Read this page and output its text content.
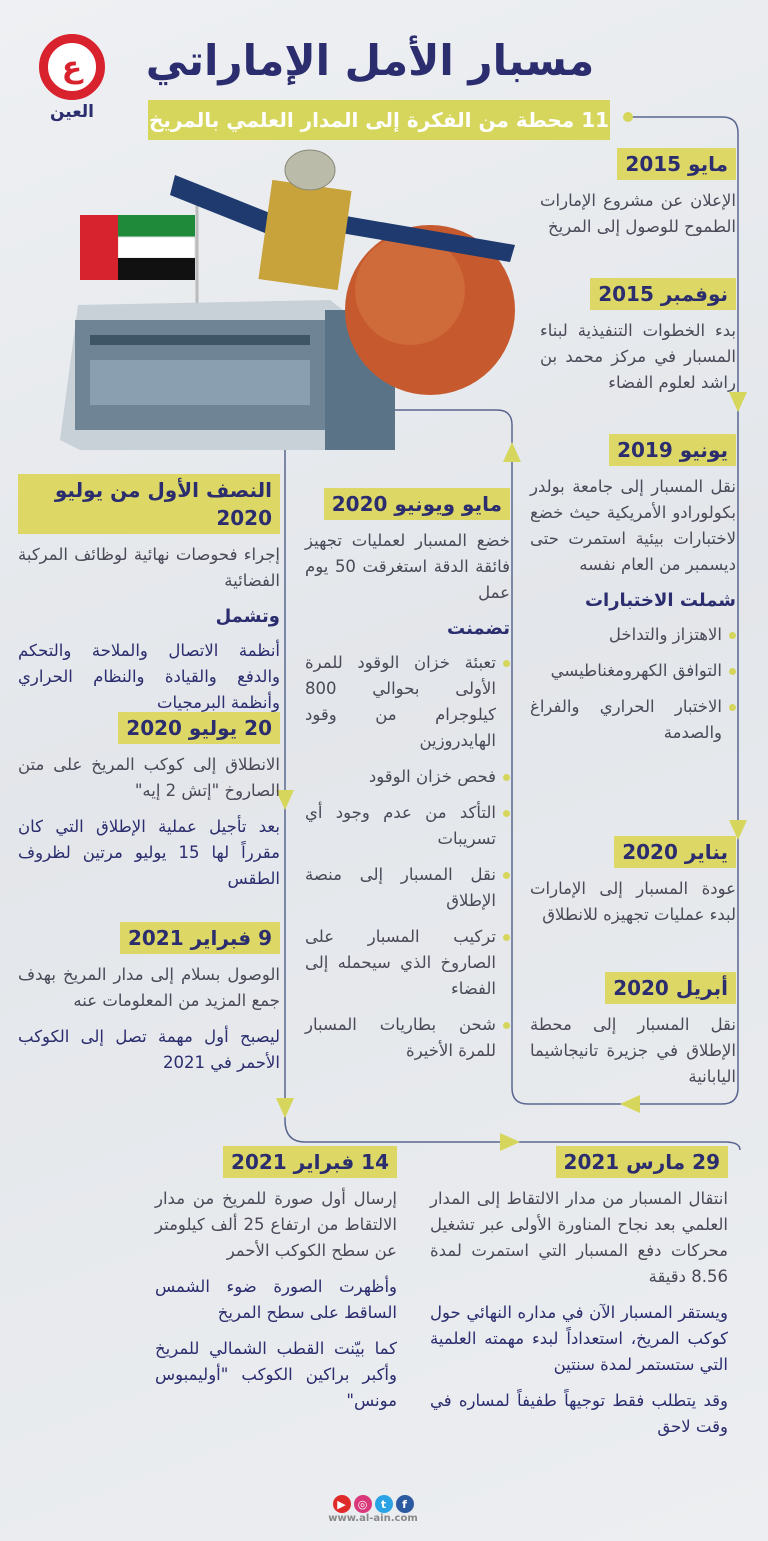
ع
العين
مسبار الأمل الإماراتي
11 محطة من الفكرة إلى المدار العلمي بالمريخ
مايو 2015
الإعلان عن مشروع الإمارات الطموح للوصول إلى المريخ
نوفمبر 2015
بدء الخطوات التنفيذية لبناء المسبار في مركز محمد بن راشد لعلوم الفضاء
يونيو 2019
نقل المسبار إلى جامعة بولدر بكولورادو الأمريكية حيث خضع لاختبارات بيئية استمرت حتى ديسمبر من العام نفسه
شملت الاختبارات
الاهتزاز والتداخل
التوافق الكهرومغناطيسي
الاختبار الحراري والفراغ والصدمة
يناير 2020
عودة المسبار إلى الإمارات لبدء عمليات تجهيزه للانطلاق
أبريل 2020
نقل المسبار إلى محطة الإطلاق في جزيرة تانيجاشيما اليابانية
مايو ويونيو 2020
خضع المسبار لعمليات تجهيز فائقة الدقة استغرقت 50 يوم عمل
تضمنت
تعبئة خزان الوقود للمرة الأولى بحوالي 800 كيلوجرام من وقود الهايدروزين
فحص خزان الوقود
التأكد من عدم وجود أي تسريبات
نقل المسبار إلى منصة الإطلاق
تركيب المسبار على الصاروخ الذي سيحمله إلى الفضاء
شحن بطاريات المسبار للمرة الأخيرة
النصف الأول من يوليو 2020
إجراء فحوصات نهائية لوظائف المركبة الفضائية
وتشمل
أنظمة الاتصال والملاحة والتحكم والدفع والقيادة والنظام الحراري وأنظمة البرمجيات
20 يوليو 2020
الانطلاق إلى كوكب المريخ على متن الصاروخ "إتش 2 إيه"
بعد تأجيل عملية الإطلاق التي كان مقرراً لها 15 يوليو مرتين لظروف الطقس
9 فبراير 2021
الوصول بسلام إلى مدار المريخ بهدف جمع المزيد من المعلومات عنه
ليصبح أول مهمة تصل إلى الكوكب الأحمر في 2021
14 فبراير 2021
إرسال أول صورة للمريخ من مدار الالتقاط من ارتفاع 25 ألف كيلومتر عن سطح الكوكب الأحمر
وأظهرت الصورة ضوء الشمس الساقط على سطح المريخ
كما بيّنت القطب الشمالي للمريخ وأكبر براكين الكوكب "أوليمبوس مونس"
29 مارس 2021
انتقال المسبار من مدار الالتقاط إلى المدار العلمي بعد نجاح المناورة الأولى عبر تشغيل محركات دفع المسبار التي استمرت لمدة 8.56 دقيقة
ويستقر المسبار الآن في مداره النهائي حول كوكب المريخ، استعداداً لبدء مهمته العلمية التي ستستمر لمدة سنتين
وقد يتطلب فقط توجيهاً طفيفاً لمساره في وقت لاحق
▶	◎	t	f
www.al-ain.com
